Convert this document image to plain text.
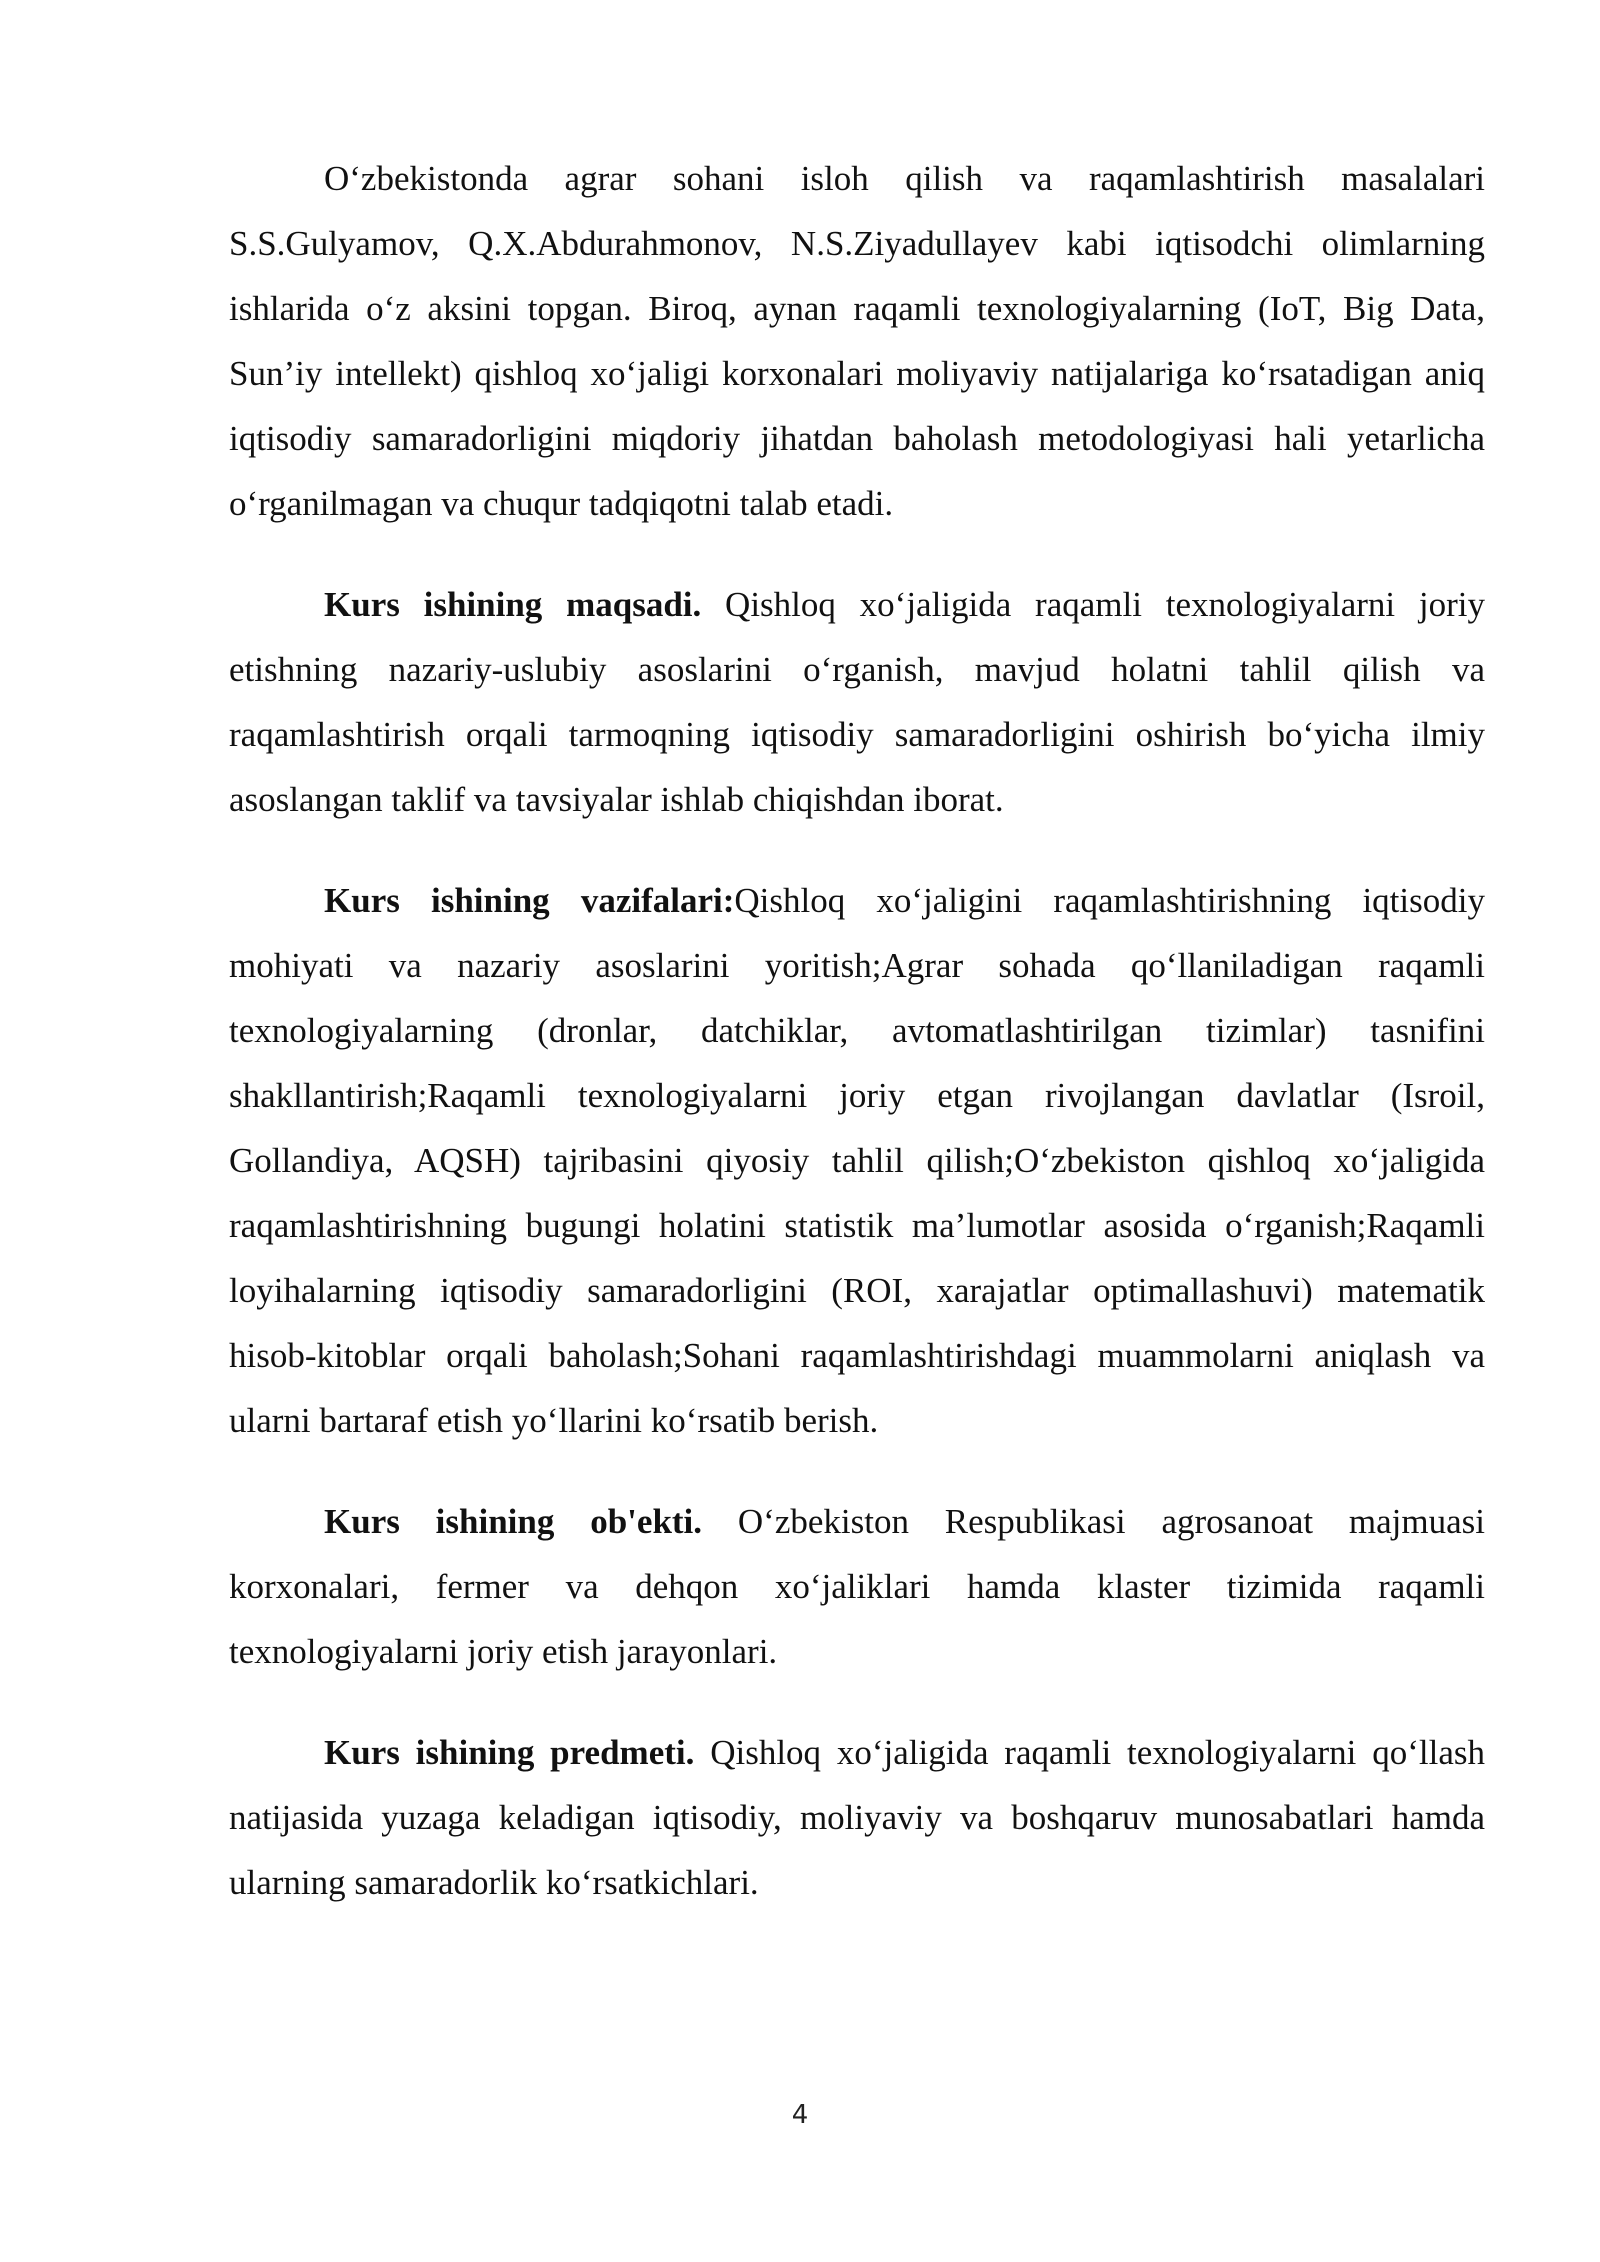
O‘zbekistonda agrar sohani isloh qilish va raqamlashtirish masalalari S.S.Gulyamov, Q.X.Abdurahmonov, N.S.Ziyadullayev kabi iqtisodchi olimlarning ishlarida o‘z aksini topgan. Biroq, aynan raqamli texnologiyalarning (IoT, Big Data, Sun’iy intellekt) qishloq xo‘jaligi korxonalari moliyaviy natijalariga ko‘rsatadigan aniq iqtisodiy samaradorligini miqdoriy jihatdan baholash metodologiyasi hali yetarlicha o‘rganilmagan va chuqur tadqiqotni talab etadi.

Kurs ishining maqsadi. Qishloq xo‘jaligida raqamli texnologiyalarni joriy etishning nazariy-uslubiy asoslarini o‘rganish, mavjud holatni tahlil qilish va raqamlashtirish orqali tarmoqning iqtisodiy samaradorligini oshirish bo‘yicha ilmiy asoslangan taklif va tavsiyalar ishlab chiqishdan iborat.

Kurs ishining vazifalari:Qishloq xo‘jaligini raqamlashtirishning iqtisodiy mohiyati va nazariy asoslarini yoritish;Agrar sohada qo‘llaniladigan raqamli texnologiyalarning (dronlar, datchiklar, avtomatlashtirilgan tizimlar) tasnifini shakllantirish;Raqamli texnologiyalarni joriy etgan rivojlangan davlatlar (Isroil, Gollandiya, AQSH) tajribasini qiyosiy tahlil qilish;O‘zbekiston qishloq xo‘jaligida raqamlashtirishning bugungi holatini statistik ma’lumotlar asosida o‘rganish;Raqamli loyihalarning iqtisodiy samaradorligini (ROI, xarajatlar optimallashuvi) matematik hisob-kitoblar orqali baholash;Sohani raqamlashtirishdagi muammolarni aniqlash va ularni bartaraf etish yo‘llarini ko‘rsatib berish.

Kurs ishining ob'ekti. O‘zbekiston Respublikasi agrosanoat majmuasi korxonalari, fermer va dehqon xo‘jaliklari hamda klaster tizimida raqamli texnologiyalarni joriy etish jarayonlari.

Kurs ishining predmeti. Qishloq xo‘jaligida raqamli texnologiyalarni qo‘llash natijasida yuzaga keladigan iqtisodiy, moliyaviy va boshqaruv munosabatlari hamda ularning samaradorlik ko‘rsatkichlari.

4
